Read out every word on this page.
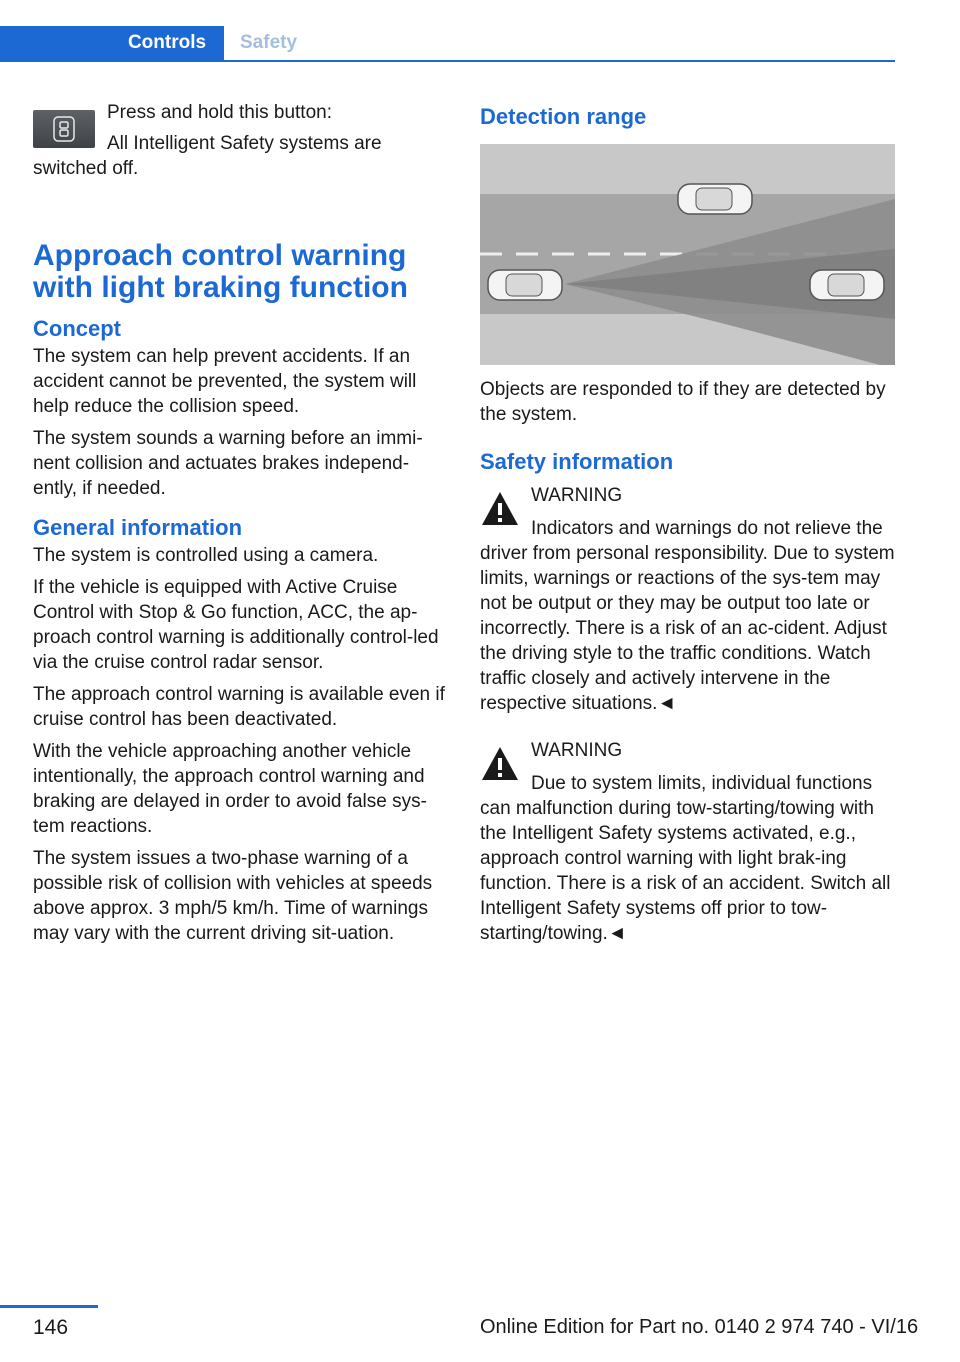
Controls Safety

Press and hold this button:

All Intelligent Safety systems are switched off.

Approach control warning with light braking function
Concept

The system can help prevent accidents. If an accident cannot be prevented, the system will help reduce the collision speed.

The system sounds a warning before an immi-nent collision and actuates brakes independ-ently, if needed.

General information

The system is controlled using a camera.

If the vehicle is equipped with Active Cruise Control with Stop & Go function, ACC, the ap-proach control warning is additionally control-led via the cruise control radar sensor.

The approach control warning is available even if cruise control has been deactivated.

With the vehicle approaching another vehicle intentionally, the approach control warning and braking are delayed in order to avoid false sys-tem reactions.

The system issues a two-phase warning of a possible risk of collision with vehicles at speeds above approx. 3 mph/5 km/h. Time of warnings may vary with the current driving sit-uation.

Detection range

Objects are responded to if they are detected by the system.

Safety information

WARNING

Indicators and warnings do not relieve the driver from personal responsibility. Due to system limits, warnings or reactions of the sys-tem may not be output or they may be output too late or incorrectly. There is a risk of an ac-cident. Adjust the driving style to the traffic conditions. Watch traffic closely and actively intervene in the respective situations.◄

WARNING

Due to system limits, individual functions can malfunction during tow-starting/towing with the Intelligent Safety systems activated, e.g., approach control warning with light brak-ing function. There is a risk of an accident. Switch all Intelligent Safety systems off prior to tow-starting/towing.◄

146	Online Edition for Part no. 0140 2 974 740 - VI/16
